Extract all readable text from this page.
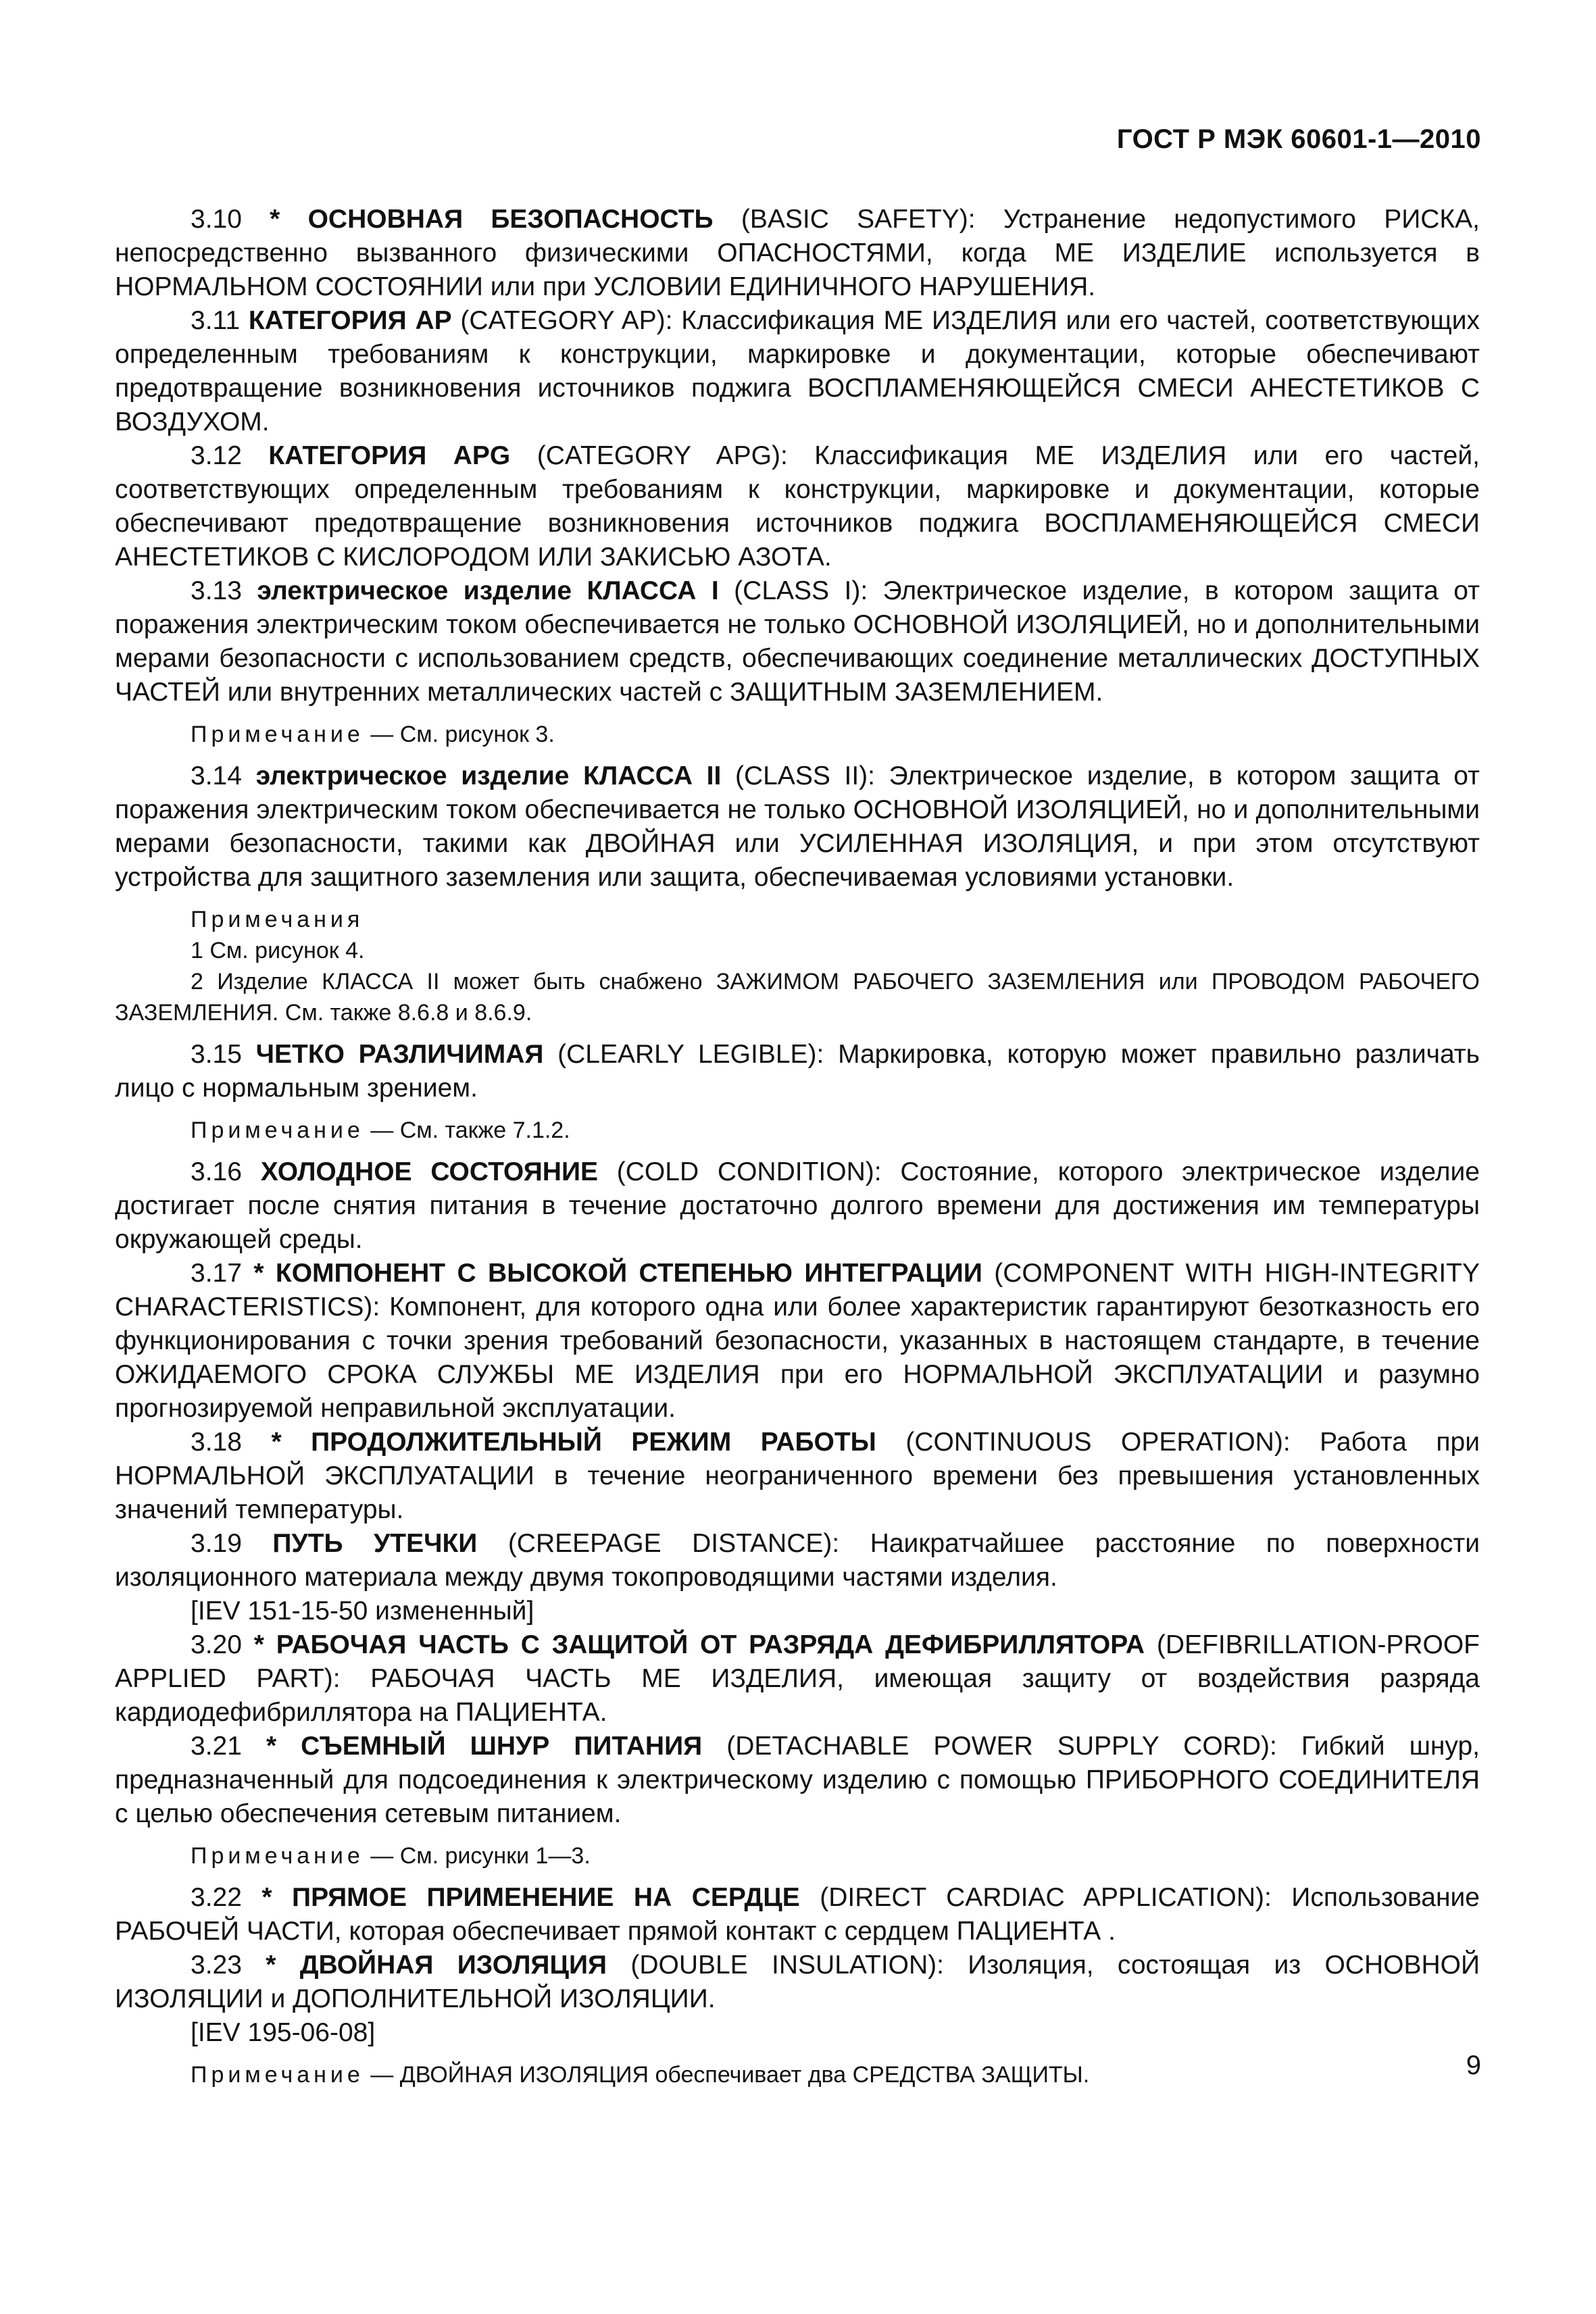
ГОСТ Р МЭК 60601-1—2010

3.10 * ОСНОВНАЯ БЕЗОПАСНОСТЬ (BASIC SAFETY): Устранение недопустимого РИСКА, непосредственно вызванного физическими ОПАСНОСТЯМИ, когда МЕ ИЗДЕЛИЕ используется в НОРМАЛЬНОМ СОСТОЯНИИ или при УСЛОВИИ ЕДИНИЧНОГО НАРУШЕНИЯ.

3.11 КАТЕГОРИЯ АР (CATEGORY AP): Классификация МЕ ИЗДЕЛИЯ или его частей, соответствующих определенным требованиям к конструкции, маркировке и документации, которые обеспечивают предотвращение возникновения источников поджига ВОСПЛАМЕНЯЮЩЕЙСЯ СМЕСИ АНЕСТЕТИКОВ С ВОЗДУХОМ.

3.12 КАТЕГОРИЯ APG (CATEGORY APG): Классификация МЕ ИЗДЕЛИЯ или его частей, соответствующих определенным требованиям к конструкции, маркировке и документации, которые обеспечивают предотвращение возникновения источников поджига ВОСПЛАМЕНЯЮЩЕЙСЯ СМЕСИ АНЕСТЕТИКОВ С КИСЛОРОДОМ ИЛИ ЗАКИСЬЮ АЗОТА.

3.13 электрическое изделие КЛАССА I (CLASS I): Электрическое изделие, в котором защита от поражения электрическим током обеспечивается не только ОСНОВНОЙ ИЗОЛЯЦИЕЙ, но и дополнительными мерами безопасности с использованием средств, обеспечивающих соединение металлических ДОСТУПНЫХ ЧАСТЕЙ или внутренних металлических частей с ЗАЩИТНЫМ ЗАЗЕМЛЕНИЕМ.

Примечание — См. рисунок 3.

3.14 электрическое изделие КЛАССА II (CLASS II): Электрическое изделие, в котором защита от поражения электрическим током обеспечивается не только ОСНОВНОЙ ИЗОЛЯЦИЕЙ, но и дополнительными мерами безопасности, такими как ДВОЙНАЯ или УСИЛЕННАЯ ИЗОЛЯЦИЯ, и при этом отсутствуют устройства для защитного заземления или защита, обеспечиваемая условиями установки.

Примечания

1 См. рисунок 4.

2 Изделие КЛАССА II может быть снабжено ЗАЖИМОМ РАБОЧЕГО ЗАЗЕМЛЕНИЯ или ПРОВОДОМ РАБОЧЕГО ЗАЗЕМЛЕНИЯ. См. также 8.6.8 и 8.6.9.

3.15 ЧЕТКО РАЗЛИЧИМАЯ (CLEARLY LEGIBLE): Маркировка, которую может правильно различать лицо с нормальным зрением.

Примечание — См. также 7.1.2.

3.16 ХОЛОДНОЕ СОСТОЯНИЕ (COLD CONDITION): Состояние, которого электрическое изделие достигает после снятия питания в течение достаточно долгого времени для достижения им температуры окружающей среды.

3.17 * КОМПОНЕНТ С ВЫСОКОЙ СТЕПЕНЬЮ ИНТЕГРАЦИИ (COMPONENT WITH HIGH-INTEGRITY CHARACTERISTICS): Компонент, для которого одна или более характеристик гарантируют безотказность его функционирования с точки зрения требований безопасности, указанных в настоящем стандарте, в течение ОЖИДАЕМОГО СРОКА СЛУЖБЫ МЕ ИЗДЕЛИЯ при его НОРМАЛЬНОЙ ЭКСПЛУАТАЦИИ и разумно прогнозируемой неправильной эксплуатации.

3.18 * ПРОДОЛЖИТЕЛЬНЫЙ РЕЖИМ РАБОТЫ (CONTINUOUS OPERATION): Работа при НОРМАЛЬНОЙ ЭКСПЛУАТАЦИИ в течение неограниченного времени без превышения установленных значений температуры.

3.19 ПУТЬ УТЕЧКИ (CREEPAGE DISTANCE): Наикратчайшее расстояние по поверхности изоляционного материала между двумя токопроводящими частями изделия.

[IEV 151-15-50 измененный]

3.20 * РАБОЧАЯ ЧАСТЬ С ЗАЩИТОЙ ОТ РАЗРЯДА ДЕФИБРИЛЛЯТОРА (DEFIBRILLATION-PROOF APPLIED PART): РАБОЧАЯ ЧАСТЬ МЕ ИЗДЕЛИЯ, имеющая защиту от воздействия разряда кардиодефибриллятора на ПАЦИЕНТА.

3.21 * СЪЕМНЫЙ ШНУР ПИТАНИЯ (DETACHABLE POWER SUPPLY CORD): Гибкий шнур, предназначенный для подсоединения к электрическому изделию с помощью ПРИБОРНОГО СОЕДИНИТЕЛЯ с целью обеспечения сетевым питанием.

Примечание — См. рисунки 1—3.

3.22 * ПРЯМОЕ ПРИМЕНЕНИЕ НА СЕРДЦЕ (DIRECT CARDIAC APPLICATION): Использование РАБОЧЕЙ ЧАСТИ, которая обеспечивает прямой контакт с сердцем ПАЦИЕНТА .

3.23 * ДВОЙНАЯ ИЗОЛЯЦИЯ (DOUBLE INSULATION): Изоляция, состоящая из ОСНОВНОЙ ИЗОЛЯЦИИ и ДОПОЛНИТЕЛЬНОЙ ИЗОЛЯЦИИ.

[IEV 195-06-08]

Примечание — ДВОЙНАЯ ИЗОЛЯЦИЯ обеспечивает два СРЕДСТВА ЗАЩИТЫ.	9
